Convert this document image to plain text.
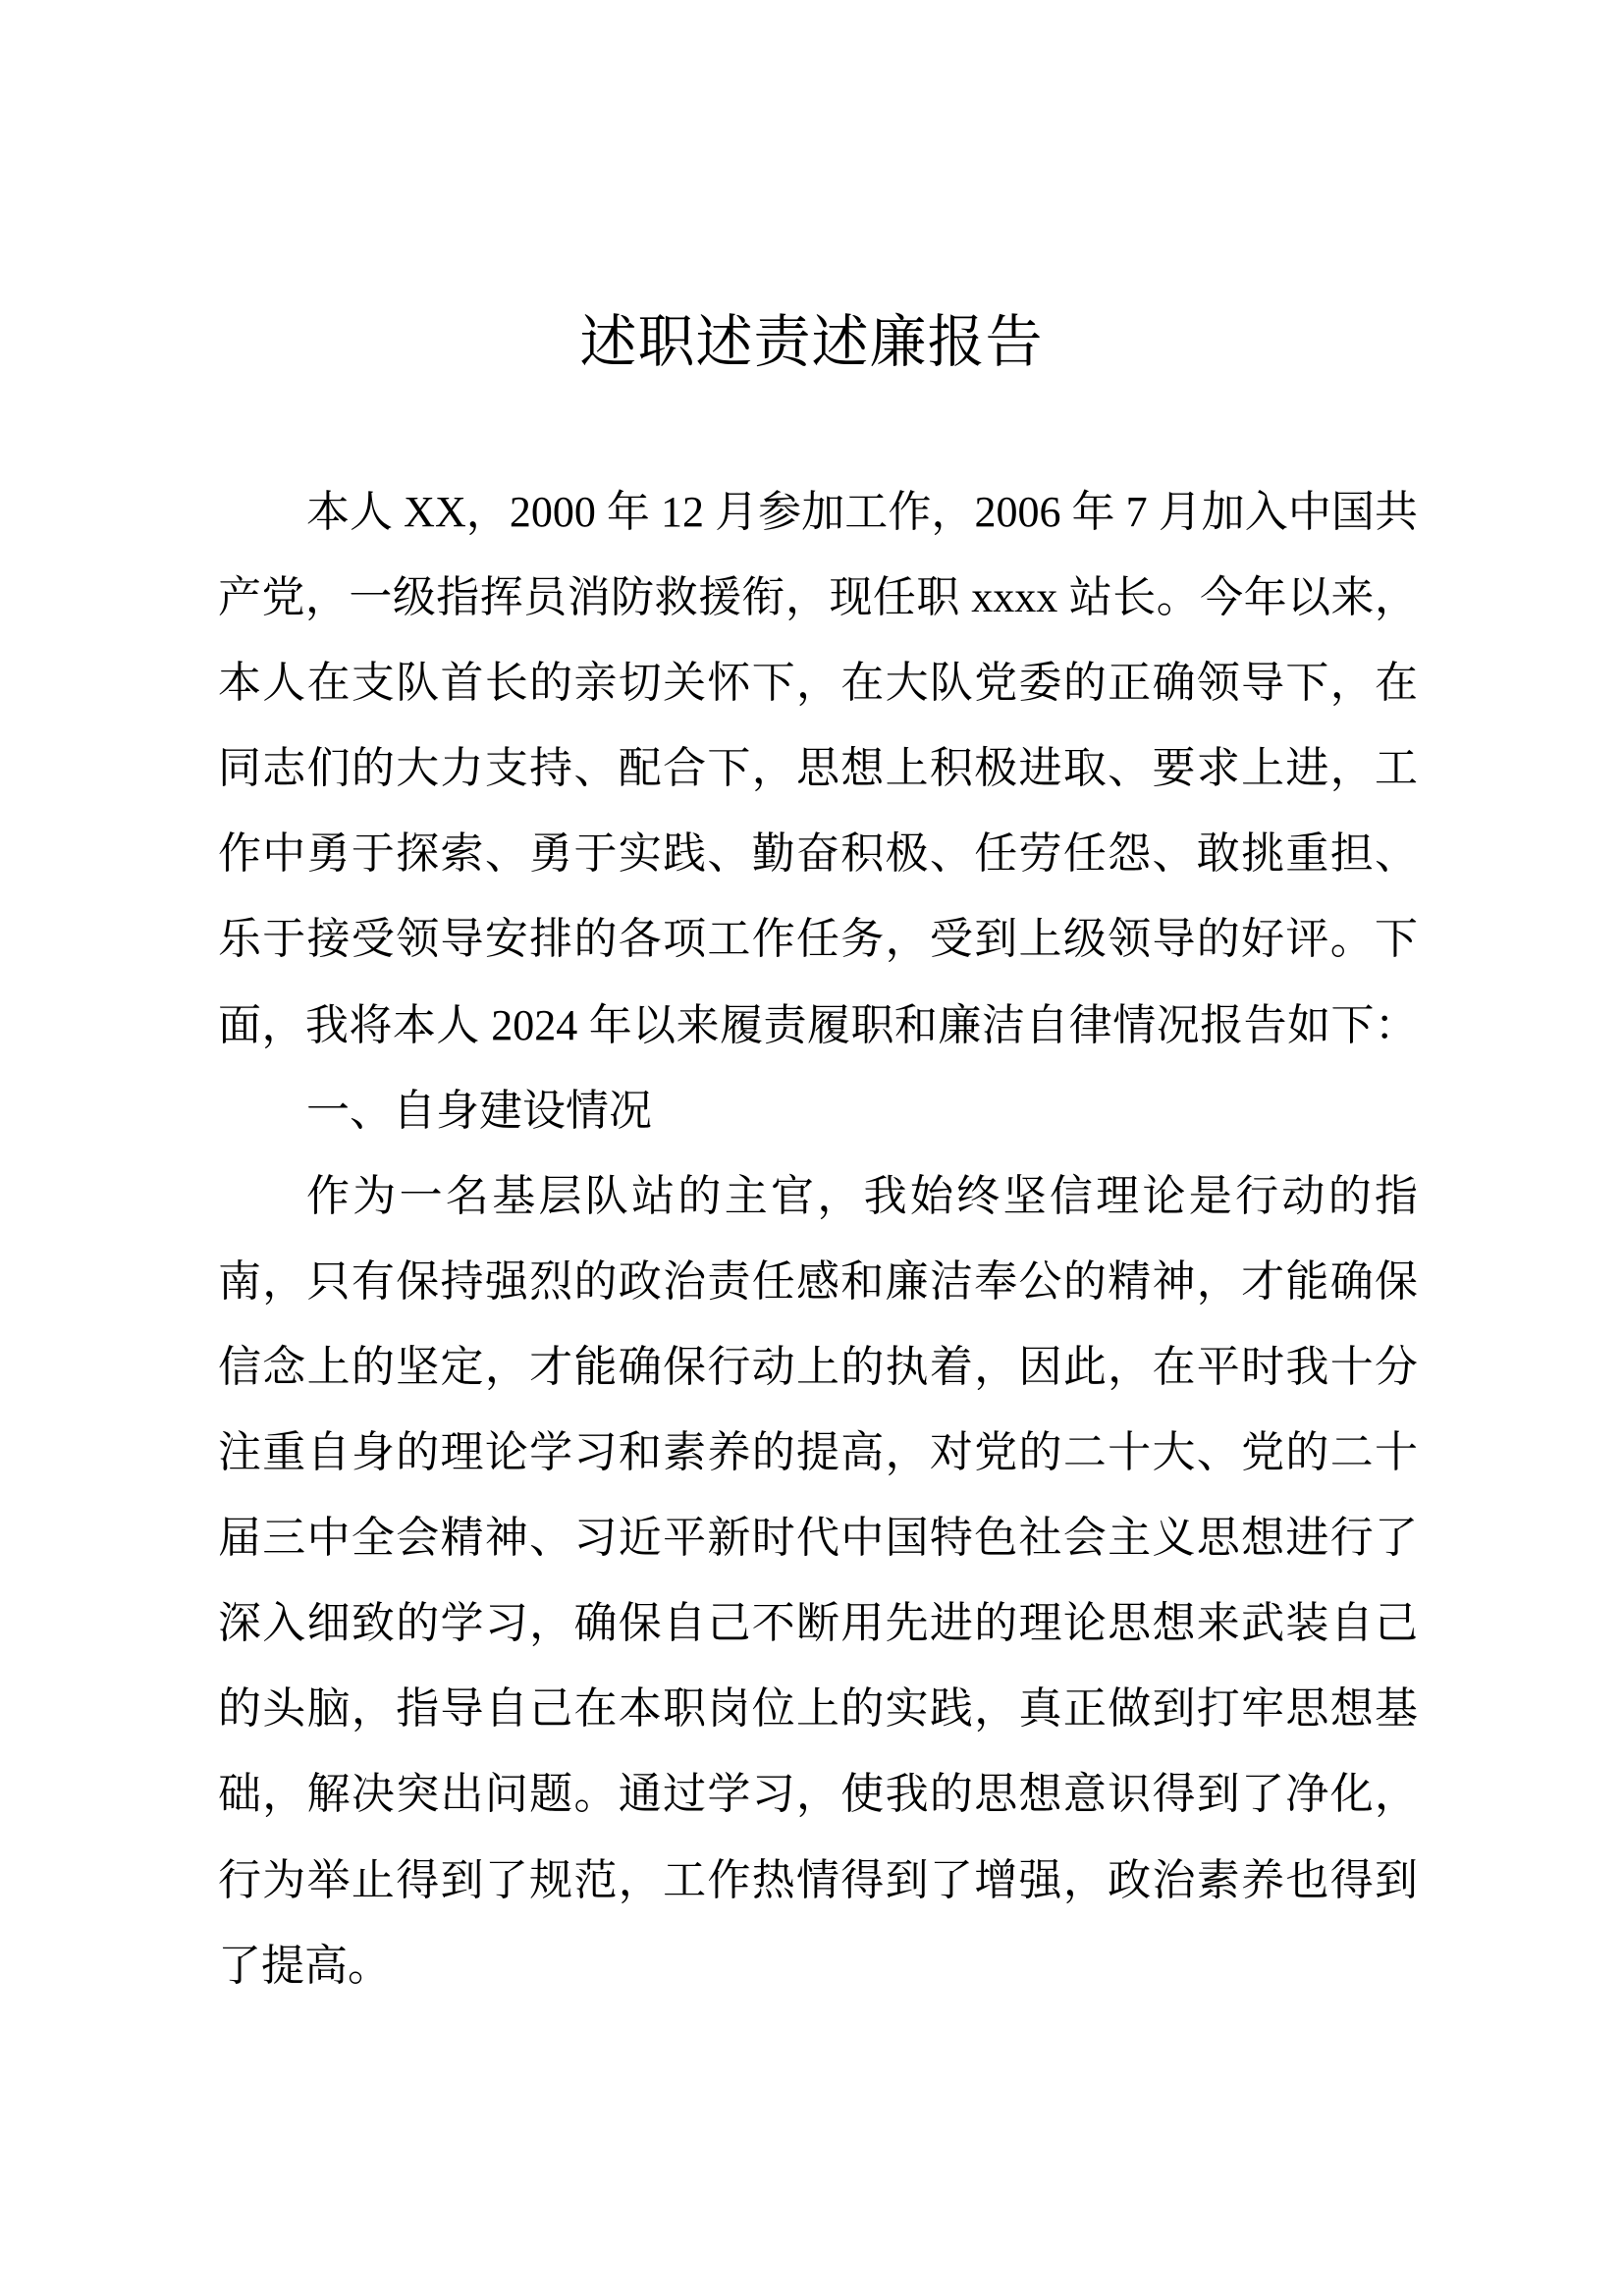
述职述责述廉报告
本人 XX，2000 年 12 月参加工作，2006 年 7 月加入中国共
产党，一级指挥员消防救援衔，现任职 xxxx 站长。今年以来，
本人在支队首长的亲切关怀下，在大队党委的正确领导下，在
同志们的大力支持、配合下，思想上积极进取、要求上进，工
作中勇于探索、勇于实践、勤奋积极、任劳任怨、敢挑重担、
乐于接受领导安排的各项工作任务，受到上级领导的好评。下
面，我将本人 2024 年以来履责履职和廉洁自律情况报告如下：
一、自身建设情况
作为一名基层队站的主官，我始终坚信理论是行动的指
南，只有保持强烈的政治责任感和廉洁奉公的精神，才能确保
信念上的坚定，才能确保行动上的执着，因此，在平时我十分
注重自身的理论学习和素养的提高，对党的二十大、党的二十
届三中全会精神、习近平新时代中国特色社会主义思想进行了
深入细致的学习，确保自己不断用先进的理论思想来武装自己
的头脑，指导自己在本职岗位上的实践，真正做到打牢思想基
础，解决突出问题。通过学习，使我的思想意识得到了净化，
行为举止得到了规范，工作热情得到了增强，政治素养也得到
了提高。
